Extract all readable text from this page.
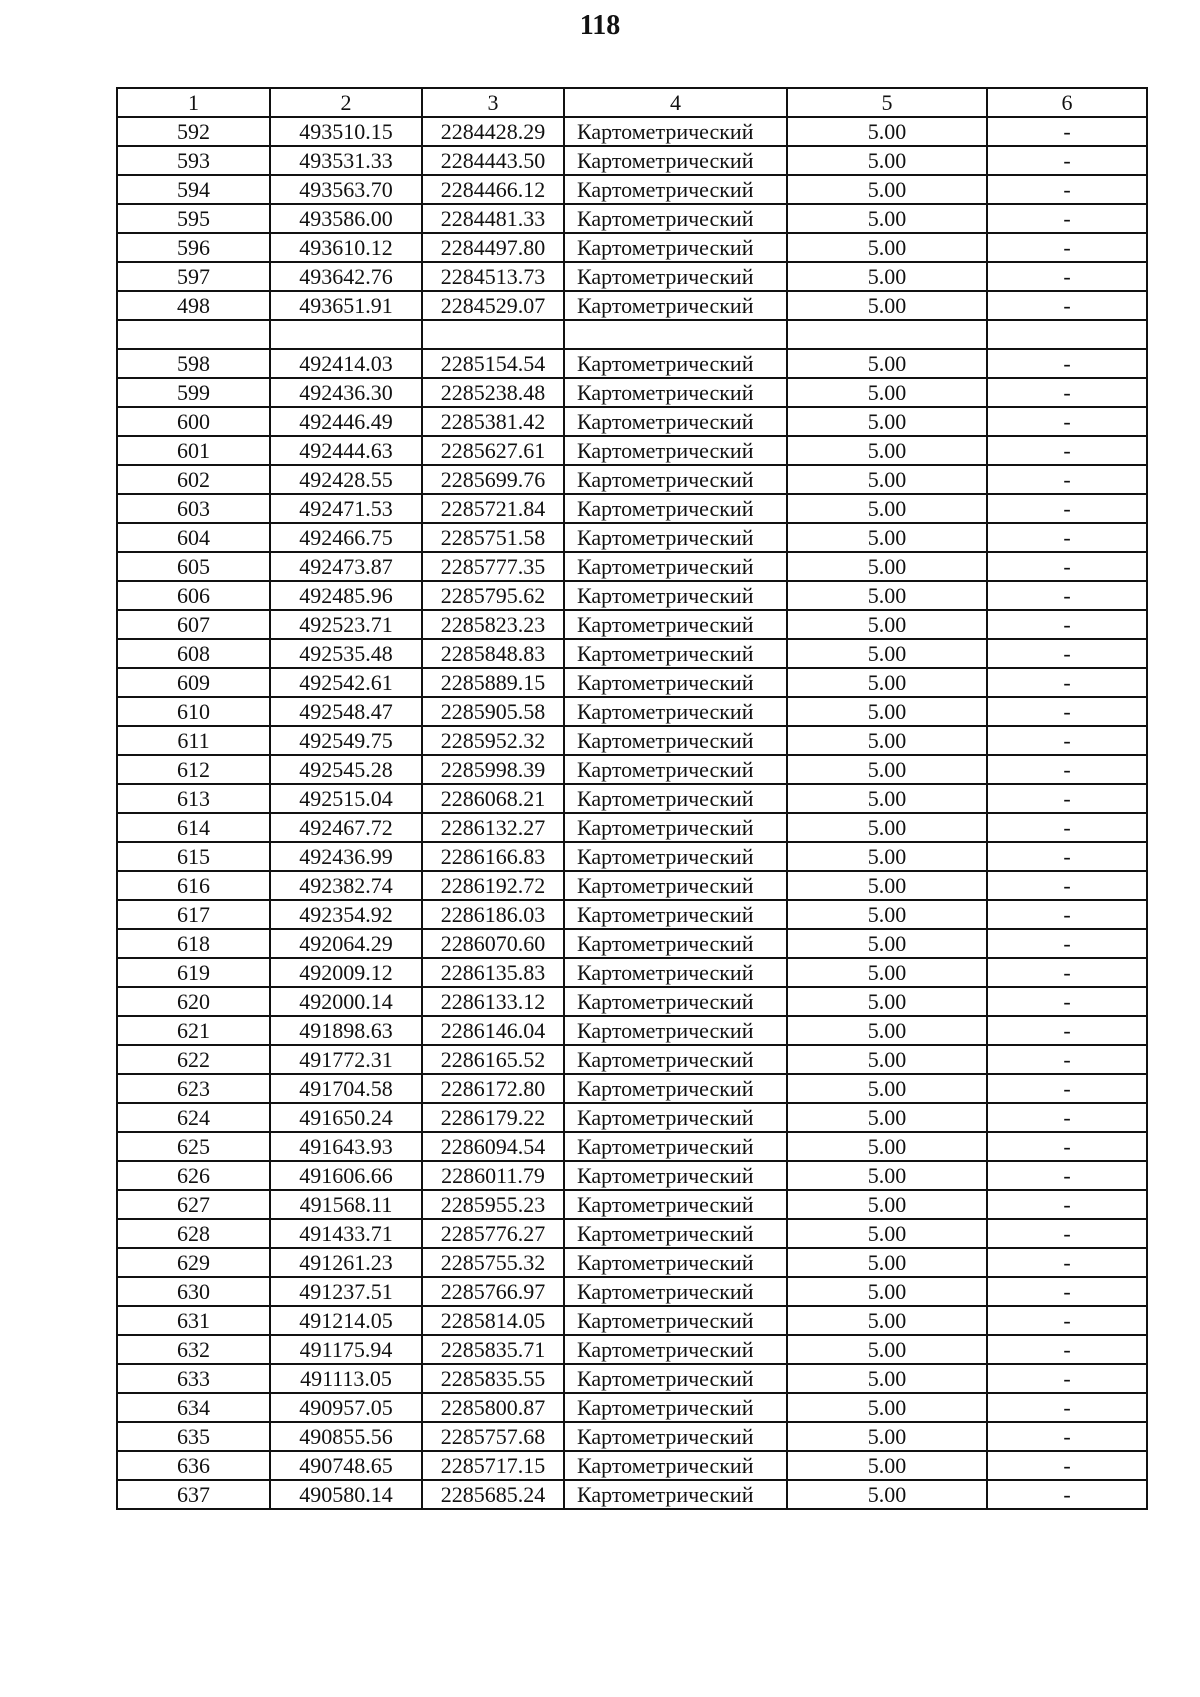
118
1	2	3	4	5	6
592	493510.15	2284428.29	Картометрический	5.00	-
593	493531.33	2284443.50	Картометрический	5.00	-
594	493563.70	2284466.12	Картометрический	5.00	-
595	493586.00	2284481.33	Картометрический	5.00	-
596	493610.12	2284497.80	Картометрический	5.00	-
597	493642.76	2284513.73	Картометрический	5.00	-
498	493651.91	2284529.07	Картометрический	5.00	-

598	492414.03	2285154.54	Картометрический	5.00	-
599	492436.30	2285238.48	Картометрический	5.00	-
600	492446.49	2285381.42	Картометрический	5.00	-
601	492444.63	2285627.61	Картометрический	5.00	-
602	492428.55	2285699.76	Картометрический	5.00	-
603	492471.53	2285721.84	Картометрический	5.00	-
604	492466.75	2285751.58	Картометрический	5.00	-
605	492473.87	2285777.35	Картометрический	5.00	-
606	492485.96	2285795.62	Картометрический	5.00	-
607	492523.71	2285823.23	Картометрический	5.00	-
608	492535.48	2285848.83	Картометрический	5.00	-
609	492542.61	2285889.15	Картометрический	5.00	-
610	492548.47	2285905.58	Картометрический	5.00	-
611	492549.75	2285952.32	Картометрический	5.00	-
612	492545.28	2285998.39	Картометрический	5.00	-
613	492515.04	2286068.21	Картометрический	5.00	-
614	492467.72	2286132.27	Картометрический	5.00	-
615	492436.99	2286166.83	Картометрический	5.00	-
616	492382.74	2286192.72	Картометрический	5.00	-
617	492354.92	2286186.03	Картометрический	5.00	-
618	492064.29	2286070.60	Картометрический	5.00	-
619	492009.12	2286135.83	Картометрический	5.00	-
620	492000.14	2286133.12	Картометрический	5.00	-
621	491898.63	2286146.04	Картометрический	5.00	-
622	491772.31	2286165.52	Картометрический	5.00	-
623	491704.58	2286172.80	Картометрический	5.00	-
624	491650.24	2286179.22	Картометрический	5.00	-
625	491643.93	2286094.54	Картометрический	5.00	-
626	491606.66	2286011.79	Картометрический	5.00	-
627	491568.11	2285955.23	Картометрический	5.00	-
628	491433.71	2285776.27	Картометрический	5.00	-
629	491261.23	2285755.32	Картометрический	5.00	-
630	491237.51	2285766.97	Картометрический	5.00	-
631	491214.05	2285814.05	Картометрический	5.00	-
632	491175.94	2285835.71	Картометрический	5.00	-
633	491113.05	2285835.55	Картометрический	5.00	-
634	490957.05	2285800.87	Картометрический	5.00	-
635	490855.56	2285757.68	Картометрический	5.00	-
636	490748.65	2285717.15	Картометрический	5.00	-
637	490580.14	2285685.24	Картометрический	5.00	-
